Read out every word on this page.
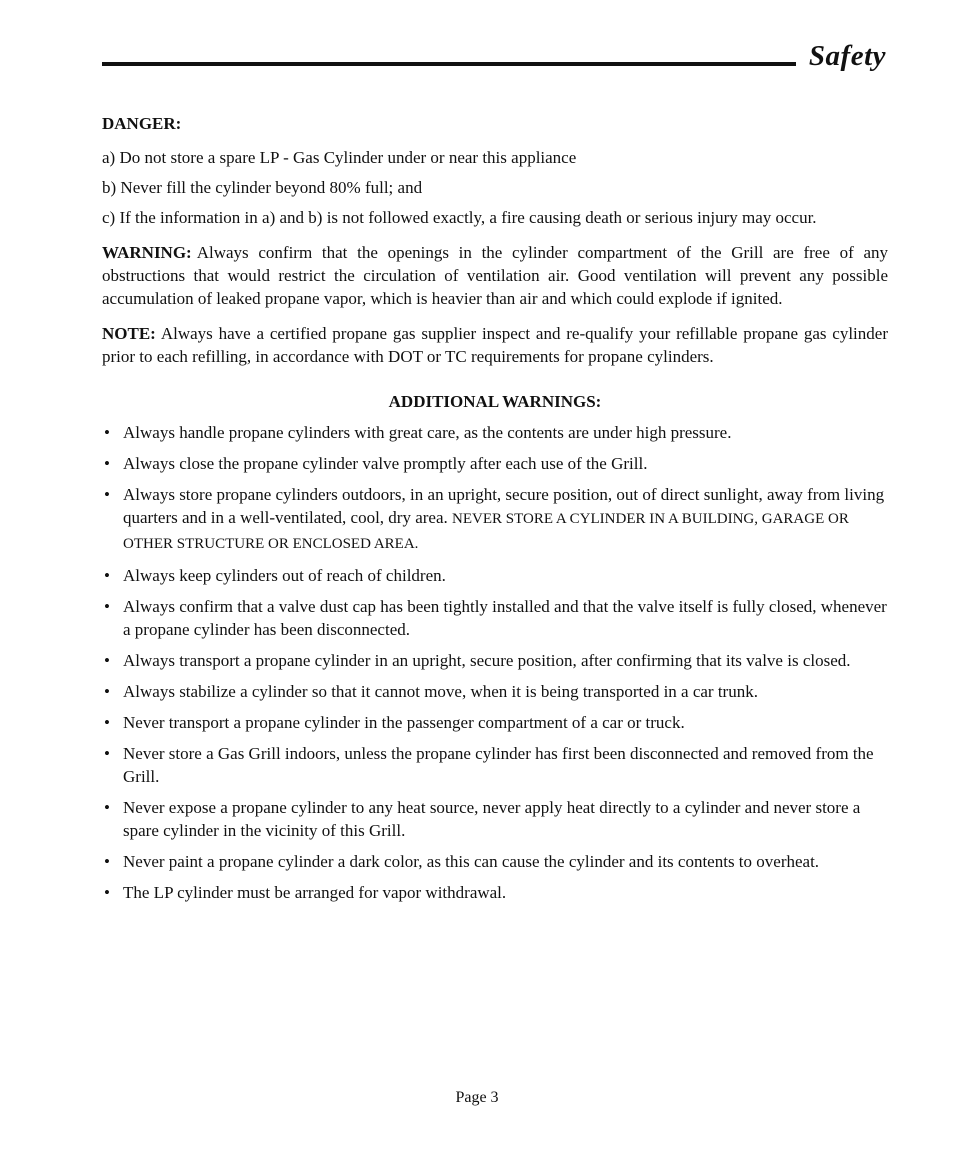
Safety
DANGER:
a) Do not store a spare LP - Gas Cylinder under or near this appliance
b) Never fill the cylinder beyond 80% full; and
c) If the information in a) and b) is not followed exactly, a fire causing death or serious injury may occur.

WARNING: Always confirm that the openings in the cylinder compartment of the Grill are free of any obstructions that would restrict the circulation of ventilation air. Good ventilation will prevent any possible accumulation of leaked propane vapor, which is heavier than air and which could explode if ignited.

NOTE: Always have a certified propane gas supplier inspect and re-qualify your refillable propane gas cylinder prior to each refilling, in accordance with DOT or TC requirements for propane cylinders.

ADDITIONAL WARNINGS:
• Always handle propane cylinders with great care, as the contents are under high pressure.
• Always close the propane cylinder valve promptly after each use of the Grill.
• Always store propane cylinders outdoors, in an upright, secure position, out of direct sunlight, away from living quarters and in a well-ventilated, cool, dry area. NEVER STORE A CYLINDER IN A BUILDING, GARAGE OR OTHER STRUCTURE OR ENCLOSED AREA.
• Always keep cylinders out of reach of children.
• Always confirm that a valve dust cap has been tightly installed and that the valve itself is fully closed, whenever a propane cylinder has been disconnected.
• Always transport a propane cylinder in an upright, secure position, after confirming that its valve is closed.
• Always stabilize a cylinder so that it cannot move, when it is being transported in a car trunk.
• Never transport a propane cylinder in the passenger compartment of a car or truck.
• Never store a Gas Grill indoors, unless the propane cylinder has first been disconnected and removed from the Grill.
• Never expose a propane cylinder to any heat source, never apply heat directly to a cylinder and never store a spare cylinder in the vicinity of this Grill.
• Never paint a propane cylinder a dark color, as this can cause the cylinder and its contents to overheat.
• The LP cylinder must be arranged for vapor withdrawal.
Page 3
